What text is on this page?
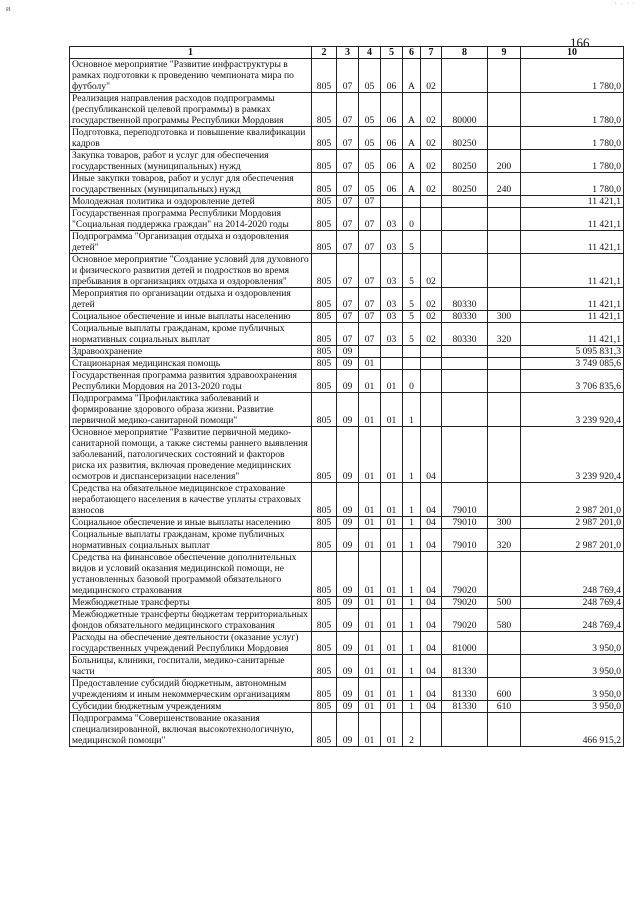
и	· · · ·
166
1	2	3	4	5	6	7	8	9	10
Основное мероприятие "Развитие инфраструктуры в рамках подготовки к проведению чемпионата мира по футболу"	805	07	05	06	А	02			1 780,0
Реализация направления расходов подпрограммы (республиканской целевой программы) в рамках государственной программы Республики Мордовия	805	07	05	06	А	02	80000		1 780,0
Подготовка, переподготовка и повышение квалификации кадров	805	07	05	06	А	02	80250		1 780,0
Закупка товаров, работ и услуг для обеспечения государственных (муниципальных) нужд	805	07	05	06	А	02	80250	200	1 780,0
Иные закупки товаров, работ и услуг для обеспечения государственных (муниципальных) нужд	805	07	05	06	А	02	80250	240	1 780,0
Молодежная политика и оздоровление детей	805	07	07						11 421,1
Государственная программа Республики Мордовия "Социальная поддержка граждан" на 2014-2020 годы	805	07	07	03	0				11 421,1
Подпрограмма "Организация отдыха и оздоровления детей"	805	07	07	03	5				11 421,1
Основное мероприятие "Создание условий для духовного и физического развития детей и подростков во время пребывания в организациях отдыха и оздоровления"	805	07	07	03	5	02			11 421,1
Мероприятия по организации отдыха и оздоровления детей	805	07	07	03	5	02	80330		11 421,1
Социальное обеспечение и иные выплаты населению	805	07	07	03	5	02	80330	300	11 421,1
Социальные выплаты гражданам, кроме публичных нормативных социальных выплат	805	07	07	03	5	02	80330	320	11 421,1
Здравоохранение	805	09							5 095 831,3
Стационарная медицинская помощь	805	09	01						3 749 085,6
Государственная программа развития здравоохранения Республики Мордовия на 2013-2020 годы	805	09	01	01	0				3 706 835,6
Подпрограмма "Профилактика заболеваний и формирование здорового образа жизни. Развитие первичной медико-санитарной помощи"	805	09	01	01	1				3 239 920,4
Основное мероприятие "Развитие первичной медико-санитарной помощи, а также системы раннего выявления заболеваний, патологических состояний и факторов риска их развития, включая проведение медицинских осмотров и диспансеризации населения"	805	09	01	01	1	04			3 239 920,4
Средства на обязательное медицинское страхование неработающего населения в качестве уплаты страховых взносов	805	09	01	01	1	04	79010		2 987 201,0
Социальное обеспечение и иные выплаты населению	805	09	01	01	1	04	79010	300	2 987 201,0
Социальные выплаты гражданам, кроме публичных нормативных социальных выплат	805	09	01	01	1	04	79010	320	2 987 201,0
Средства на финансовое обеспечение дополнительных видов и условий оказания медицинской помощи, не установленных базовой программой обязательного медицинского страхования	805	09	01	01	1	04	79020		248 769,4
Межбюджетные трансферты	805	09	01	01	1	04	79020	500	248 769,4
Межбюджетные трансферты бюджетам территориальных фондов обязательного медицинского страхования	805	09	01	01	1	04	79020	580	248 769,4
Расходы на обеспечение деятельности (оказание услуг) государственных учреждений Республики Мордовия	805	09	01	01	1	04	81000		3 950,0
Больницы, клиники, госпитали, медико-санитарные части	805	09	01	01	1	04	81330		3 950,0
Предоставление субсидий бюджетным, автономным учреждениям и иным некоммерческим организациям	805	09	01	01	1	04	81330	600	3 950,0
Субсидии бюджетным учреждениям	805	09	01	01	1	04	81330	610	3 950,0
Подпрограмма "Совершенствование оказания специализированной, включая высокотехнологичную, медицинской помощи"	805	09	01	01	2				466 915,2
